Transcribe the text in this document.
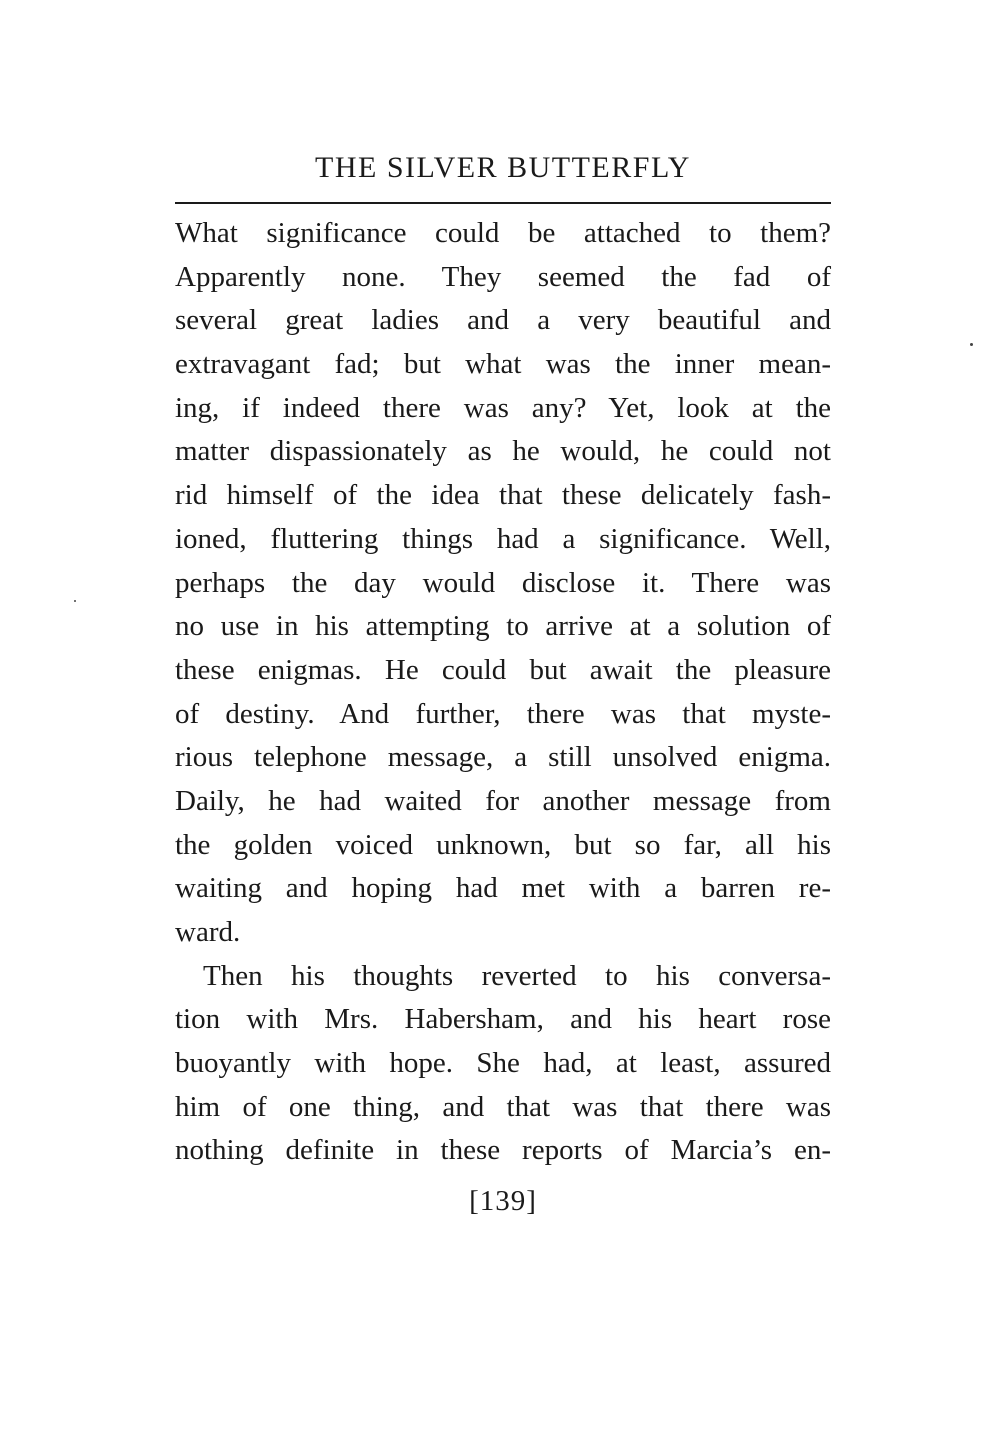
THE SILVER BUTTERFLY
What significance could be attached to them?
Apparently none. They seemed the fad of
several great ladies and a very beautiful and
extravagant fad; but what was the inner mean-
ing, if indeed there was any? Yet, look at the
matter dispassionately as he would, he could not
rid himself of the idea that these delicately fash-
ioned, fluttering things had a significance. Well,
perhaps the day would disclose it. There was
no use in his attempting to arrive at a solution of
these enigmas. He could but await the pleasure
of destiny. And further, there was that myste-
rious telephone message, a still unsolved enigma.
Daily, he had waited for another message from
the golden voiced unknown, but so far, all his
waiting and hoping had met with a barren re-
ward.
Then his thoughts reverted to his conversa-
tion with Mrs. Habersham, and his heart rose
buoyantly with hope. She had, at least, assured
him of one thing, and that was that there was
nothing definite in these reports of Marcia’s en-
[139]
